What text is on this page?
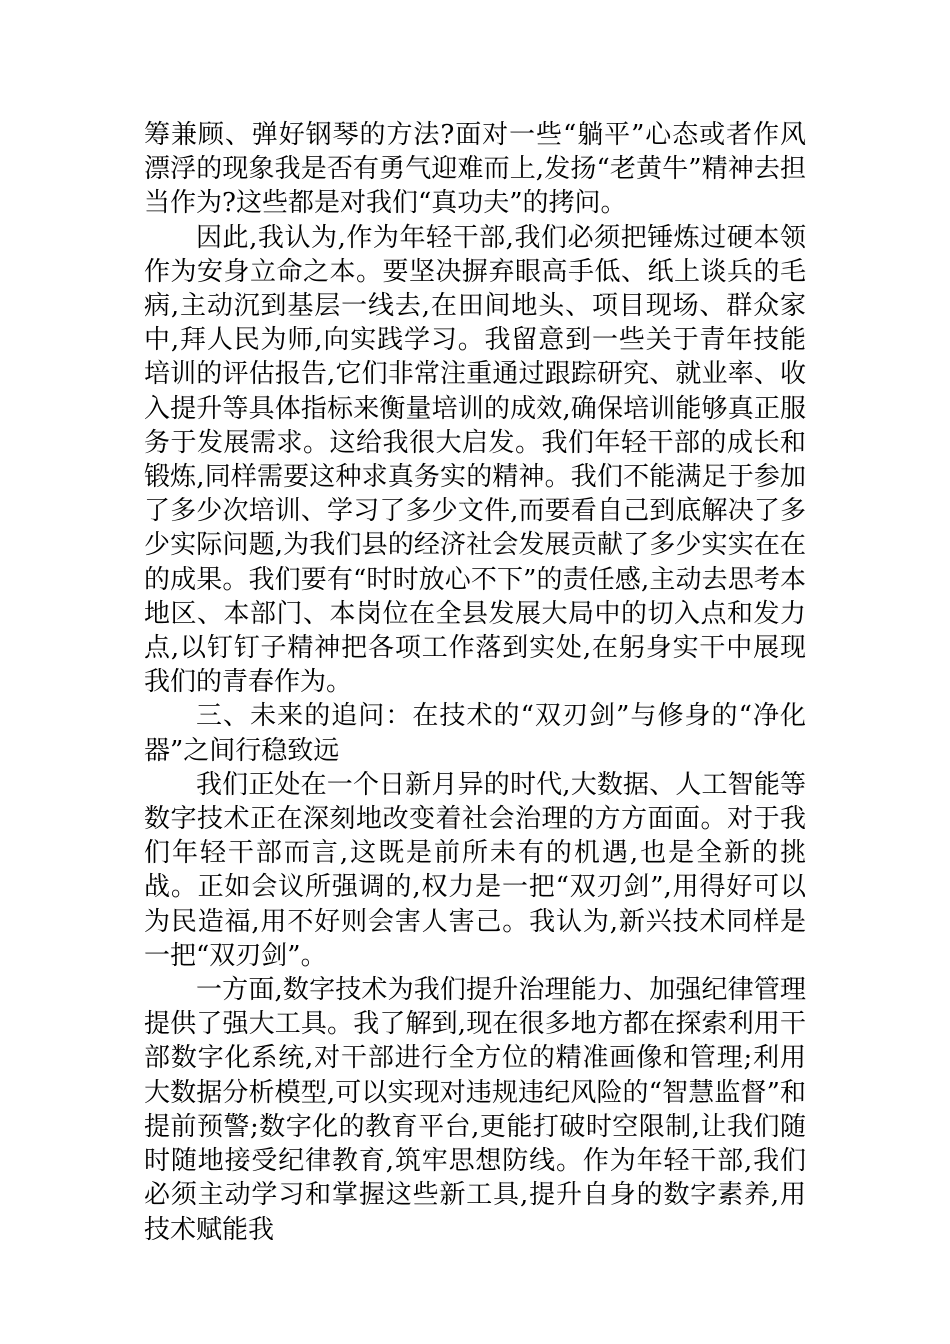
筹兼顾、弹好钢琴的方法?面对一些“躺平”心态或者作风漂浮的现象我是否有勇气迎难而上,发扬“老黄牛”精神去担当作为?这些都是对我们“真功夫”的拷问。

因此,我认为,作为年轻干部,我们必须把锤炼过硬本领作为安身立命之本。要坚决摒弃眼高手低、纸上谈兵的毛病,主动沉到基层一线去,在田间地头、项目现场、群众家中,拜人民为师,向实践学习。我留意到一些关于青年技能培训的评估报告,它们非常注重通过跟踪研究、就业率、收入提升等具体指标来衡量培训的成效,确保培训能够真正服务于发展需求。这给我很大启发。我们年轻干部的成长和锻炼,同样需要这种求真务实的精神。我们不能满足于参加了多少次培训、学习了多少文件,而要看自己到底解决了多少实际问题,为我们县的经济社会发展贡献了多少实实在在的成果。我们要有“时时放心不下”的责任感,主动去思考本地区、本部门、本岗位在全县发展大局中的切入点和发力点,以钉钉子精神把各项工作落到实处,在躬身实干中展现我们的青春作为。

三、未来的追问：在技术的“双刃剑”与修身的“净化器”之间行稳致远

我们正处在一个日新月异的时代,大数据、人工智能等数字技术正在深刻地改变着社会治理的方方面面。对于我们年轻干部而言,这既是前所未有的机遇,也是全新的挑战。正如会议所强调的,权力是一把“双刃剑”,用得好可以为民造福,用不好则会害人害己。我认为,新兴技术同样是一把“双刃剑”。

一方面,数字技术为我们提升治理能力、加强纪律管理提供了强大工具。我了解到,现在很多地方都在探索利用干部数字化系统,对干部进行全方位的精准画像和管理;利用大数据分析模型,可以实现对违规违纪风险的“智慧监督”和提前预警;数字化的教育平台,更能打破时空限制,让我们随时随地接受纪律教育,筑牢思想防线。作为年轻干部,我们必须主动学习和掌握这些新工具,提升自身的数字素养,用技术赋能我
